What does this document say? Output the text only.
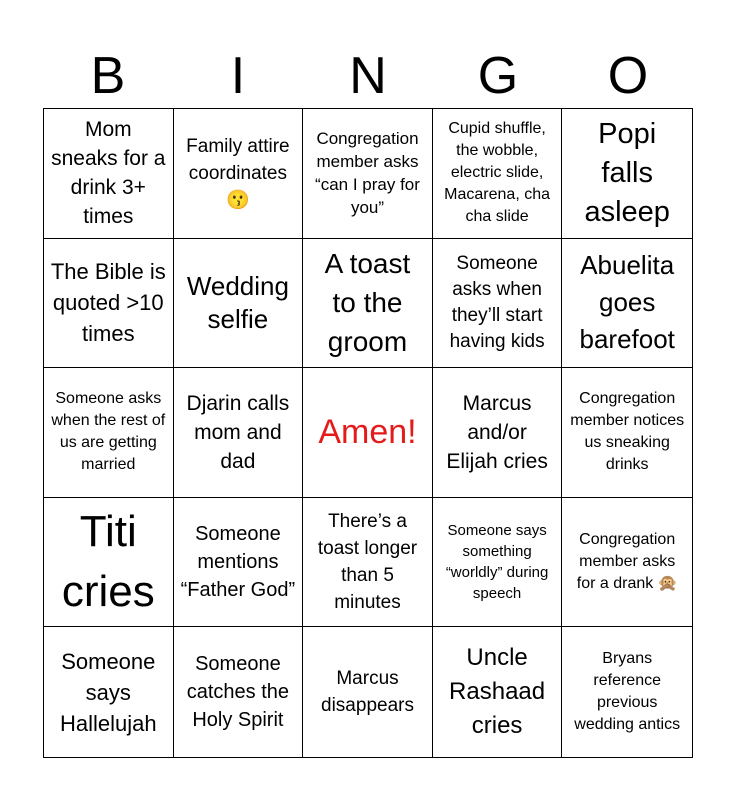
B	I	N	G	O
Mom sneaks for a drink 3+ times
Family attire coordinates 😗
Congregation member asks “can I pray for you”
Cupid shuffle, the wobble, electric slide, Macarena, cha cha slide
Popi falls asleep
The Bible is quoted >10 times
Wedding selfie
A toast to the groom
Someone asks when they’ll start having kids
Abuelita goes barefoot
Someone asks when the rest of us are getting married
Djarin calls mom and dad
Amen!
Marcus and/or Elijah cries
Congregation member notices us sneaking drinks
Titi cries
Someone mentions “Father God”
There’s a toast longer than 5 minutes
Someone says something “worldly” during speech
Congregation member asks for a drank 🙊
Someone says Hallelujah
Someone catches the Holy Spirit
Marcus disappears
Uncle Rashaad cries
Bryans reference previous wedding antics
